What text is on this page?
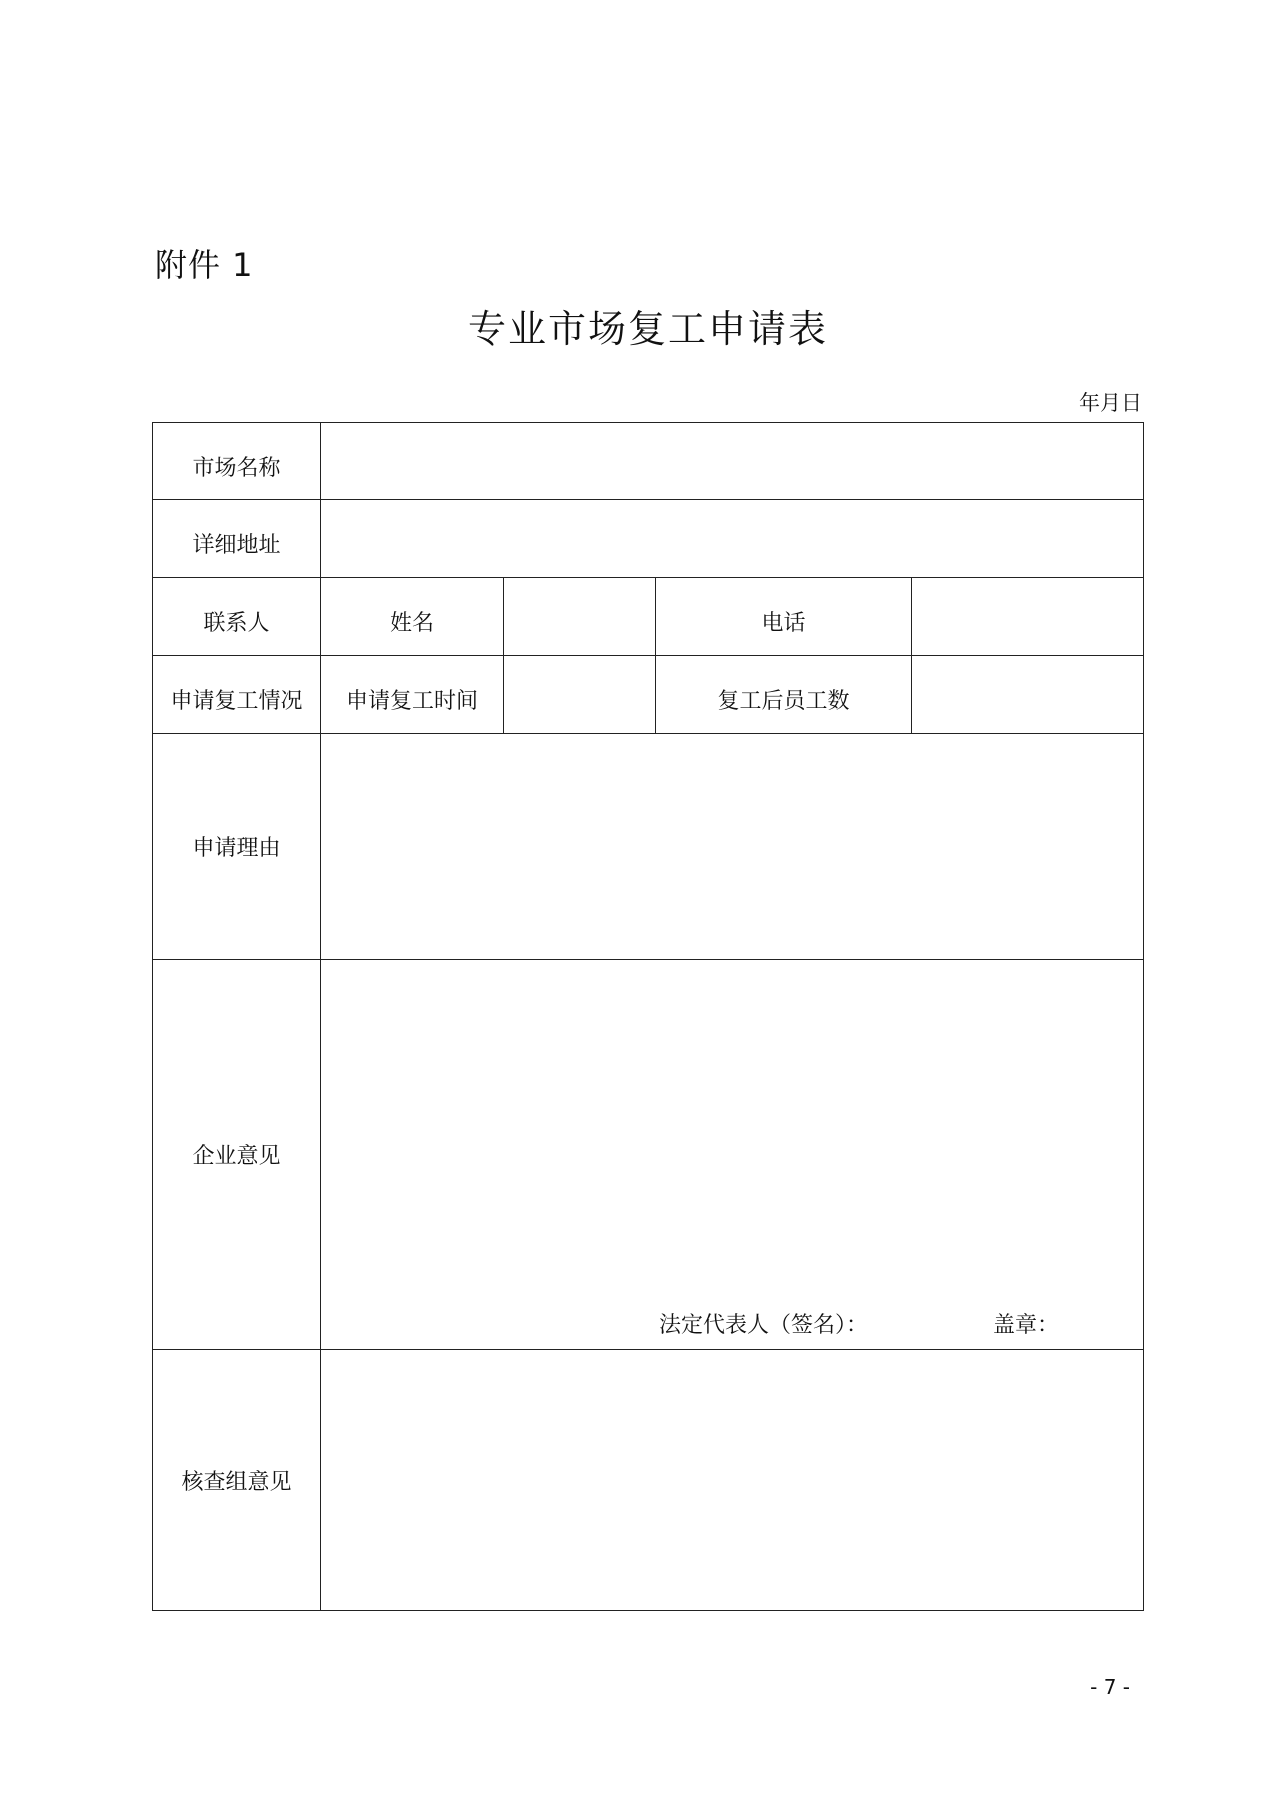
附件 1
专业市场复工申请表
年月日
市场名称				
详细地址				
联系人	姓名		电话	
申请复工情况	申请复工时间		复工后员工数	
申请理由				
企业意见	法定代表人（签名）： 盖章：			

核查组意见				
- 7 -
